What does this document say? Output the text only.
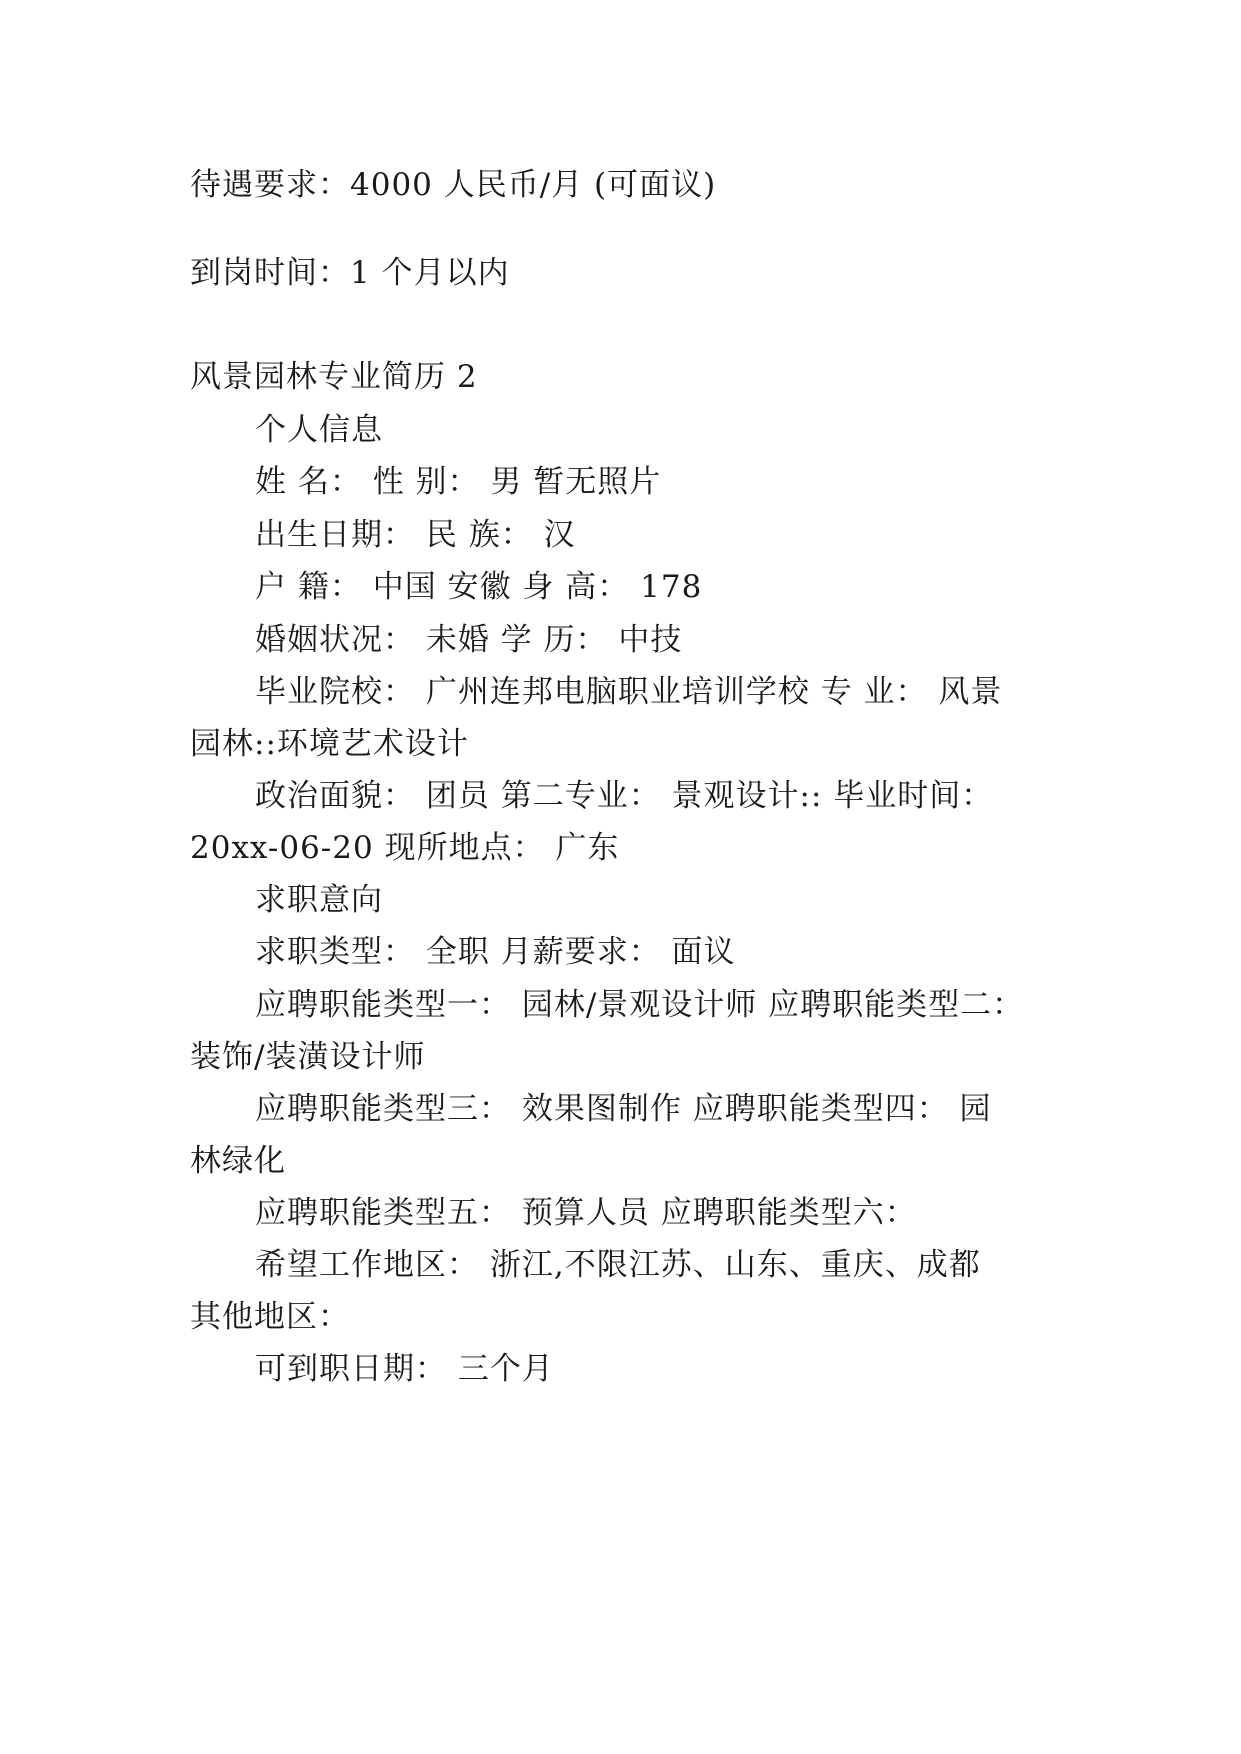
待遇要求：4000 人民币/月 (可面议)
到岗时间：1 个月以内
风景园林专业简历 2
个人信息
姓 名： 性 别： 男 暂无照片
出生日期： 民 族： 汉
户 籍： 中国 安徽 身 高： 178
婚姻状况： 未婚 学 历： 中技
毕业院校： 广州连邦电脑职业培训学校 专 业： 风景
园林::环境艺术设计
政治面貌： 团员 第二专业： 景观设计:: 毕业时间：
20xx-06-20 现所地点： 广东
求职意向
求职类型： 全职 月薪要求： 面议
应聘职能类型一： 园林/景观设计师 应聘职能类型二：
装饰/装潢设计师
应聘职能类型三： 效果图制作 应聘职能类型四： 园
林绿化
应聘职能类型五： 预算人员 应聘职能类型六：
希望工作地区： 浙江,不限江苏、山东、重庆、成都
其他地区：
可到职日期： 三个月
